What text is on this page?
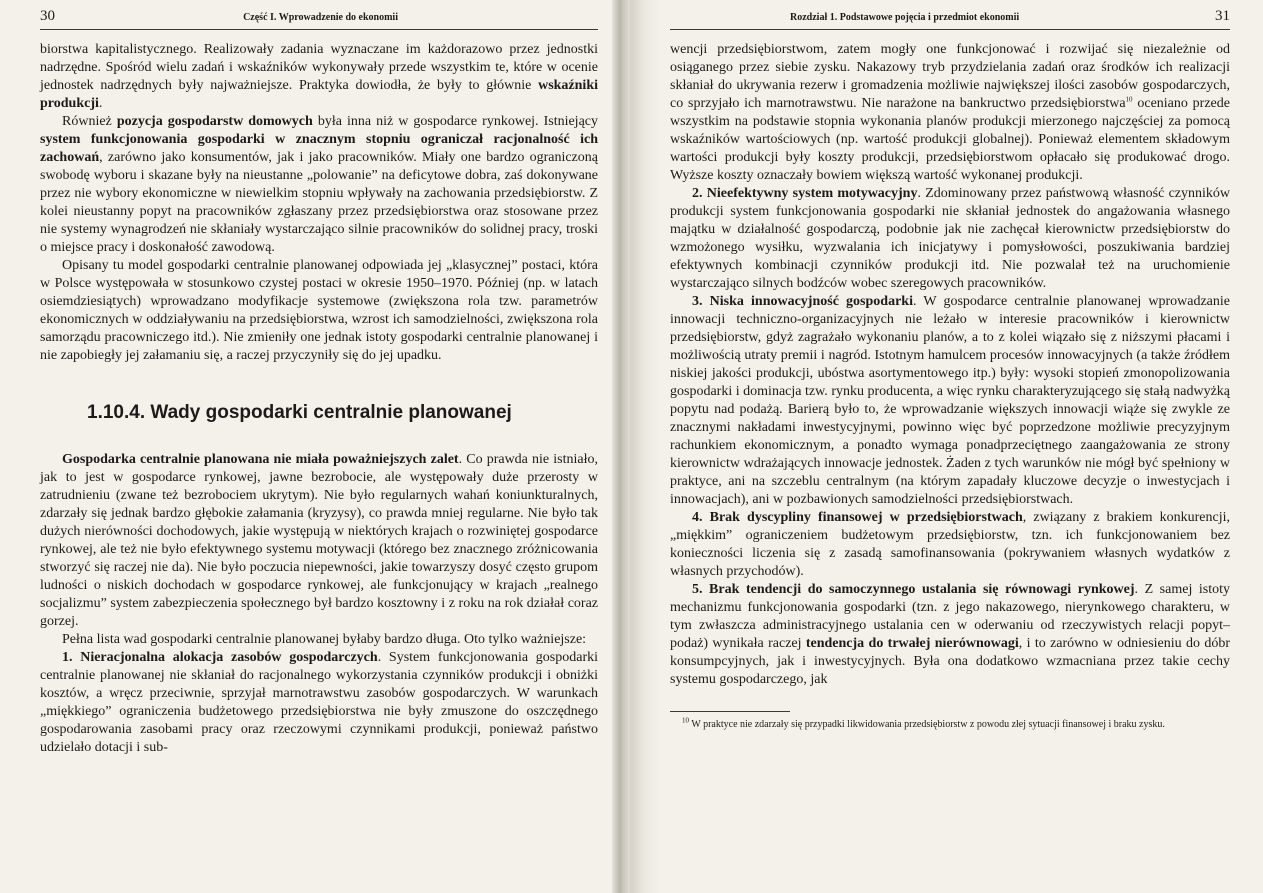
30	Część I. Wprowadzenie do ekonomii

biorstwa kapitalistycznego. Realizowały zadania wyznaczane im każdorazowo przez jednostki nadrzędne. Spośród wielu zadań i wskaźników wykonywały przede wszystkim te, które w ocenie jednostek nadrzędnych były najważniejsze. Praktyka dowiodła, że były to głównie wskaźniki produkcji.

Również pozycja gospodarstw domowych była inna niż w gospodarce rynkowej. Istniejący system funkcjonowania gospodarki w znacznym stopniu ograniczał racjonalność ich zachowań, zarówno jako konsumentów, jak i jako pracowników. Miały one bardzo ograniczoną swobodę wyboru i skazane były na nieustanne „polowanie” na deficytowe dobra, zaś dokonywane przez nie wybory ekonomiczne w niewielkim stopniu wpływały na zachowania przedsiębiorstw. Z kolei nieustanny popyt na pracowników zgłaszany przez przedsiębiorstwa oraz stosowane przez nie systemy wynagrodzeń nie skłaniały wystarczająco silnie pracowników do solidnej pracy, troski o miejsce pracy i doskonałość zawodową.

Opisany tu model gospodarki centralnie planowanej odpowiada jej „klasycznej” postaci, która w Polsce występowała w stosunkowo czystej postaci w okresie 1950–1970. Później (np. w latach osiemdziesiątych) wprowadzano modyfikacje systemowe (zwiększona rola tzw. parametrów ekonomicznych w oddziaływaniu na przedsiębiorstwa, wzrost ich samodzielności, zwiększona rola samorządu pracowniczego itd.). Nie zmieniły one jednak istoty gospodarki centralnie planowanej i nie zapobiegły jej załamaniu się, a raczej przyczyniły się do jej upadku.

1.10.4. Wady gospodarki centralnie planowanej

Gospodarka centralnie planowana nie miała poważniejszych zalet. Co prawda nie istniało, jak to jest w gospodarce rynkowej, jawne bezrobocie, ale występowały duże przerosty w zatrudnieniu (zwane też bezrobociem ukrytym). Nie było regularnych wahań koniunkturalnych, zdarzały się jednak bardzo głębokie załamania (kryzysy), co prawda mniej regularne. Nie było tak dużych nierówności dochodowych, jakie występują w niektórych krajach o rozwiniętej gospodarce rynkowej, ale też nie było efektywnego systemu motywacji (którego bez znacznego zróżnicowania stworzyć się raczej nie da). Nie było poczucia niepewności, jakie towarzyszy dosyć często grupom ludności o niskich dochodach w gospodarce rynkowej, ale funkcjonujący w krajach „realnego socjalizmu” system zabezpieczenia społecznego był bardzo kosztowny i z roku na rok działał coraz gorzej.

Pełna lista wad gospodarki centralnie planowanej byłaby bardzo długa. Oto tylko ważniejsze:

1. Nieracjonalna alokacja zasobów gospodarczych. System funkcjonowania gospodarki centralnie planowanej nie skłaniał do racjonalnego wykorzystania czynników produkcji i obniżki kosztów, a wręcz przeciwnie, sprzyjał marnotrawstwu zasobów gospodarczych. W warunkach „miękkiego” ograniczenia budżetowego przedsiębiorstwa nie były zmuszone do oszczędnego gospodarowania zasobami pracy oraz rzeczowymi czynnikami produkcji, ponieważ państwo udzielało dotacji i sub-

Rozdział 1. Podstawowe pojęcia i przedmiot ekonomii	31

wencji przedsiębiorstwom, zatem mogły one funkcjonować i rozwijać się niezależnie od osiąganego przez siebie zysku. Nakazowy tryb przydzielania zadań oraz środków ich realizacji skłaniał do ukrywania rezerw i gromadzenia możliwie największej ilości zasobów gospodarczych, co sprzyjało ich marnotrawstwu. Nie narażone na bankructwo przedsiębiorstwa$^{10}$ oceniano przede wszystkim na podstawie stopnia wykonania planów produkcji mierzonego najczęściej za pomocą wskaźników wartościowych (np. wartość produkcji globalnej). Ponieważ elementem składowym wartości produkcji były koszty produkcji, przedsiębiorstwom opłacało się produkować drogo. Wyższe koszty oznaczały bowiem większą wartość wykonanej produkcji.

2. Nieefektywny system motywacyjny. Zdominowany przez państwową własność czynników produkcji system funkcjonowania gospodarki nie skłaniał jednostek do angażowania własnego majątku w działalność gospodarczą, podobnie jak nie zachęcał kierownictw przedsiębiorstw do wzmożonego wysiłku, wyzwalania ich inicjatywy i pomysłowości, poszukiwania bardziej efektywnych kombinacji czynników produkcji itd. Nie pozwalał też na uruchomienie wystarczająco silnych bodźców wobec szeregowych pracowników.

3. Niska innowacyjność gospodarki. W gospodarce centralnie planowanej wprowadzanie innowacji techniczno-organizacyjnych nie leżało w interesie pracowników i kierownictw przedsiębiorstw, gdyż zagrażało wykonaniu planów, a to z kolei wiązało się z niższymi płacami i możliwością utraty premii i nagród. Istotnym hamulcem procesów innowacyjnych (a także źródłem niskiej jakości produkcji, ubóstwa asortymentowego itp.) były: wysoki stopień zmonopolizowania gospodarki i dominacja tzw. rynku producenta, a więc rynku charakteryzującego się stałą nadwyżką popytu nad podażą. Barierą było to, że wprowadzanie większych innowacji wiąże się zwykle ze znacznymi nakładami inwestycyjnymi, powinno więc być poprzedzone możliwie precyzyjnym rachunkiem ekonomicznym, a ponadto wymaga ponadprzeciętnego zaangażowania ze strony kierownictw wdrażających innowacje jednostek. Żaden z tych warunków nie mógł być spełniony w praktyce, ani na szczeblu centralnym (na którym zapadały kluczowe decyzje o inwestycjach i innowacjach), ani w pozbawionych samodzielności przedsiębiorstwach.

4. Brak dyscypliny finansowej w przedsiębiorstwach, związany z brakiem konkurencji, „miękkim” ograniczeniem budżetowym przedsiębiorstw, tzn. ich funkcjonowaniem bez konieczności liczenia się z zasadą samofinansowania (pokrywaniem własnych wydatków z własnych przychodów).

5. Brak tendencji do samoczynnego ustalania się równowagi rynkowej. Z samej istoty mechanizmu funkcjonowania gospodarki (tzn. z jego nakazowego, nierynkowego charakteru, w tym zwłaszcza administracyjnego ustalania cen w oderwaniu od rzeczywistych relacji popyt–podaż) wynikała raczej tendencja do trwałej nierównowagi, i to zarówno w odniesieniu do dóbr konsumpcyjnych, jak i inwestycyjnych. Była ona dodatkowo wzmacniana przez takie cechy systemu gospodarczego, jak

$^{10}$ W praktyce nie zdarzały się przypadki likwidowania przedsiębiorstw z powodu złej sytuacji finansowej i braku zysku.
